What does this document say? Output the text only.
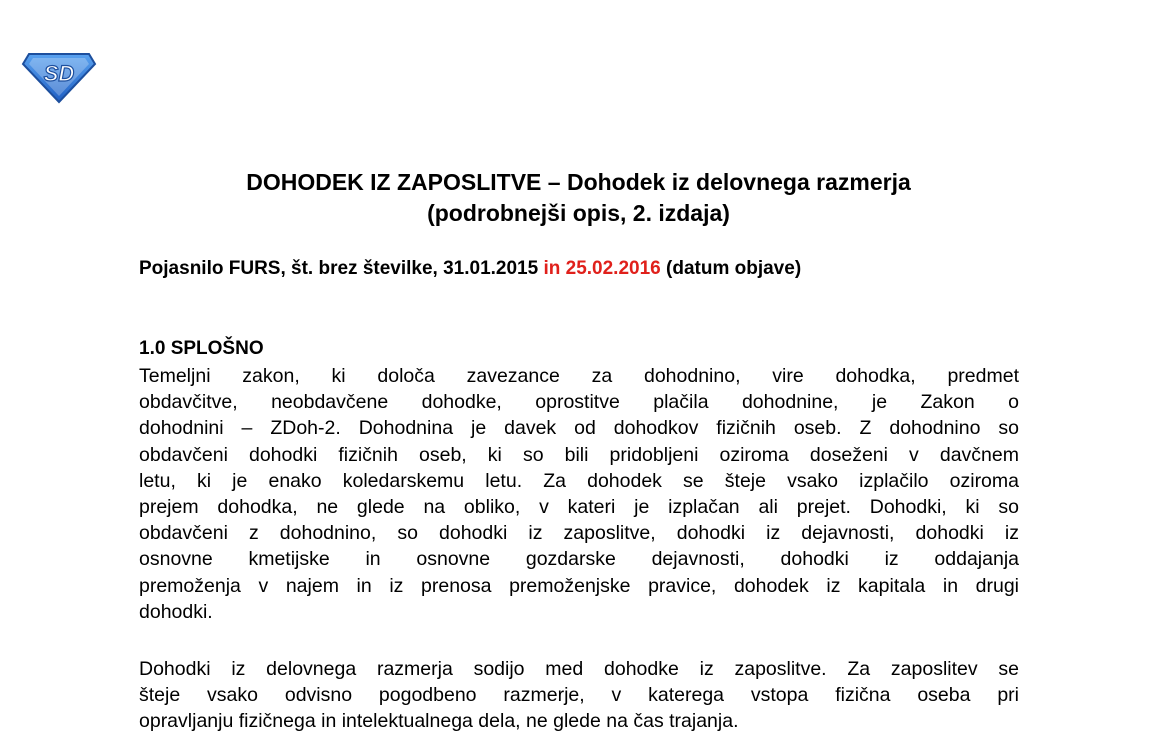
SD
DOHODEK IZ ZAPOSLITVE – Dohodek iz delovnega razmerja
(podrobnejši opis, 2. izdaja)

Pojasnilo FURS, št. brez številke, 31.01.2015 in 25.02.2016 (datum objave)

1.0 SPLOŠNO
Temeljni zakon, ki določa zavezance za dohodnino, vire dohodka, predmet
obdavčitve, neobdavčene dohodke, oprostitve plačila dohodnine, je Zakon o
dohodnini – ZDoh-2. Dohodnina je davek od dohodkov fizičnih oseb. Z dohodnino so
obdavčeni dohodki fizičnih oseb, ki so bili pridobljeni oziroma doseženi v davčnem
letu, ki je enako koledarskemu letu. Za dohodek se šteje vsako izplačilo oziroma
prejem dohodka, ne glede na obliko, v kateri je izplačan ali prejet. Dohodki, ki so
obdavčeni z dohodnino, so dohodki iz zaposlitve, dohodki iz dejavnosti, dohodki iz
osnovne kmetijske in osnovne gozdarske dejavnosti, dohodki iz oddajanja
premoženja v najem in iz prenosa premoženjske pravice, dohodek iz kapitala in drugi
dohodki.
Dohodki iz delovnega razmerja sodijo med dohodke iz zaposlitve. Za zaposlitev se
šteje vsako odvisno pogodbeno razmerje, v katerega vstopa fizična oseba pri
opravljanju fizičnega in intelektualnega dela, ne glede na čas trajanja.
